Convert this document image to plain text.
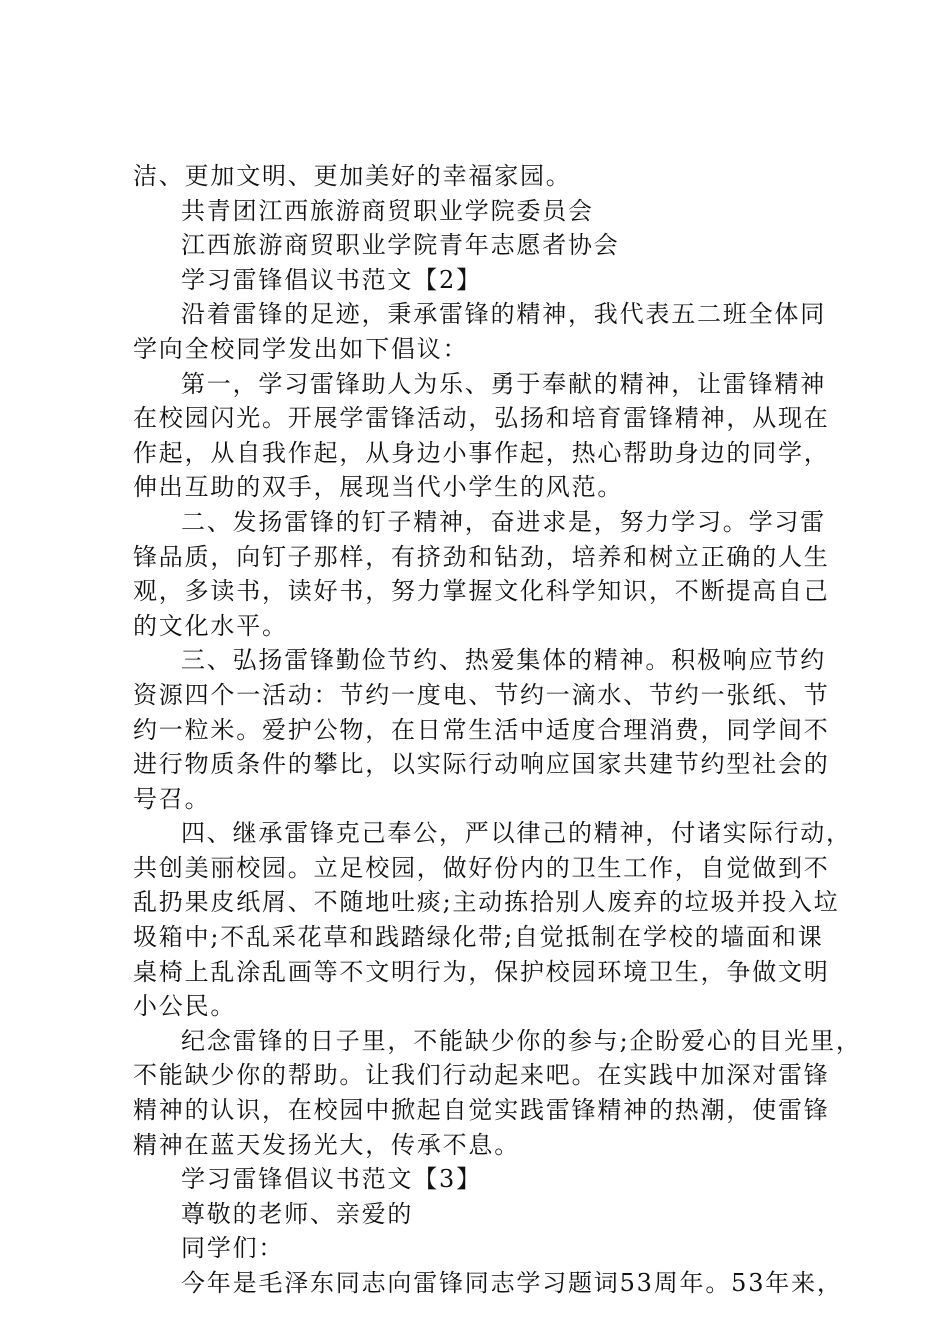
洁、更加文明、更加美好的幸福家园。
共青团江西旅游商贸职业学院委员会
江西旅游商贸职业学院青年志愿者协会
学习雷锋倡议书范文【2】
沿着雷锋的足迹，秉承雷锋的精神，我代表五二班全体同
学向全校同学发出如下倡议：
第一，学习雷锋助人为乐、勇于奉献的精神，让雷锋精神
在校园闪光。开展学雷锋活动，弘扬和培育雷锋精神，从现在
作起，从自我作起，从身边小事作起，热心帮助身边的同学，
伸出互助的双手，展现当代小学生的风范。
二、发扬雷锋的钉子精神，奋进求是，努力学习。学习雷
锋品质，向钉子那样，有挤劲和钻劲，培养和树立正确的人生
观，多读书，读好书，努力掌握文化科学知识，不断提高自己
的文化水平。
三、弘扬雷锋勤俭节约、热爱集体的精神。积极响应节约
资源四个一活动：节约一度电、节约一滴水、节约一张纸、节
约一粒米。爱护公物，在日常生活中适度合理消费，同学间不
进行物质条件的攀比，以实际行动响应国家共建节约型社会的
号召。
四、继承雷锋克己奉公，严以律己的精神，付诸实际行动，
共创美丽校园。立足校园，做好份内的卫生工作，自觉做到不
乱扔果皮纸屑、不随地吐痰;主动拣拾别人废弃的垃圾并投入垃
圾箱中;不乱采花草和践踏绿化带;自觉抵制在学校的墙面和课
桌椅上乱涂乱画等不文明行为，保护校园环境卫生，争做文明
小公民。
纪念雷锋的日子里，不能缺少你的参与;企盼爱心的目光里，
不能缺少你的帮助。让我们行动起来吧。在实践中加深对雷锋
精神的认识，在校园中掀起自觉实践雷锋精神的热潮，使雷锋
精神在蓝天发扬光大，传承不息。
学习雷锋倡议书范文【3】
尊敬的老师、亲爱的
同学们：
今年是毛泽东同志向雷锋同志学习题词53周年。53年来，
